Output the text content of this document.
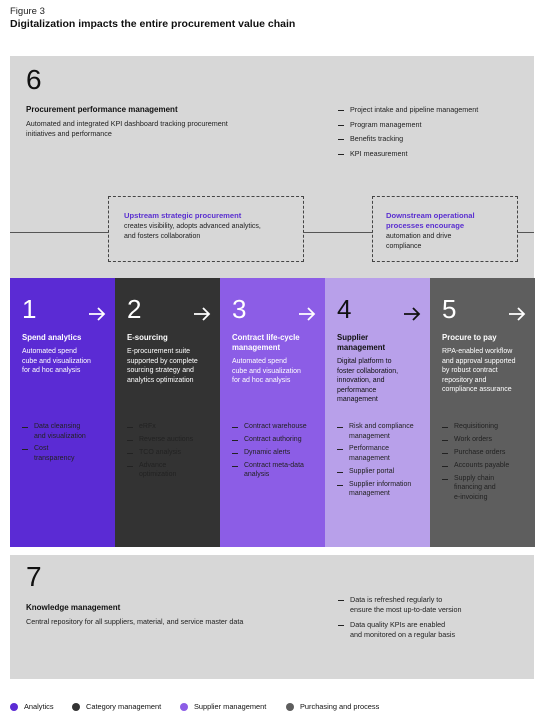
Figure 3
Digitalization impacts the entire procurement value chain
6
Procurement performance management
Automated and integrated KPI dashboard tracking procurement
initiatives and performance
Project intake and pipeline management
Program management
Benefits tracking
KPI measurement
Upstream strategic procurement
creates visibility, adopts advanced analytics,
and fosters collaboration
Downstream operational
processes encourage
automation and drive
compliance
1
Spend analytics
Automated spend
cube and visualization
for ad hoc analysis
Data cleansing
and visualization
Cost
transparency
2
E-sourcing
E-procurement suite
supported by complete
sourcing strategy and
analytics optimization
eRFx
Reverse auctions
TCO analysis
Advance
optimization
3
Contract life-cycle
management
Automated spend
cube and visualization
for ad hoc analysis
Contract warehouse
Contract authoring
Dynamic alerts
Contract meta-data
analysis
4
Supplier
management
Digital platform to
foster collaboration,
innovation, and
performance
management
Risk and compliance
management
Performance
management
Supplier portal
Supplier information
management
5
Procure to pay
RPA-enabled workflow
and approval supported
by robust contract
repository and
compliance assurance
Requisitioning
Work orders
Purchase orders
Accounts payable
Supply chain
financing and
e-invoicing
7
Knowledge management
Central repository for all suppliers, material, and service master data
Data is refreshed regularly to
ensure the most up-to-date version
Data quality KPIs are enabled
and monitored on a regular basis
Analytics	Category management	Supplier management	Purchasing and process
